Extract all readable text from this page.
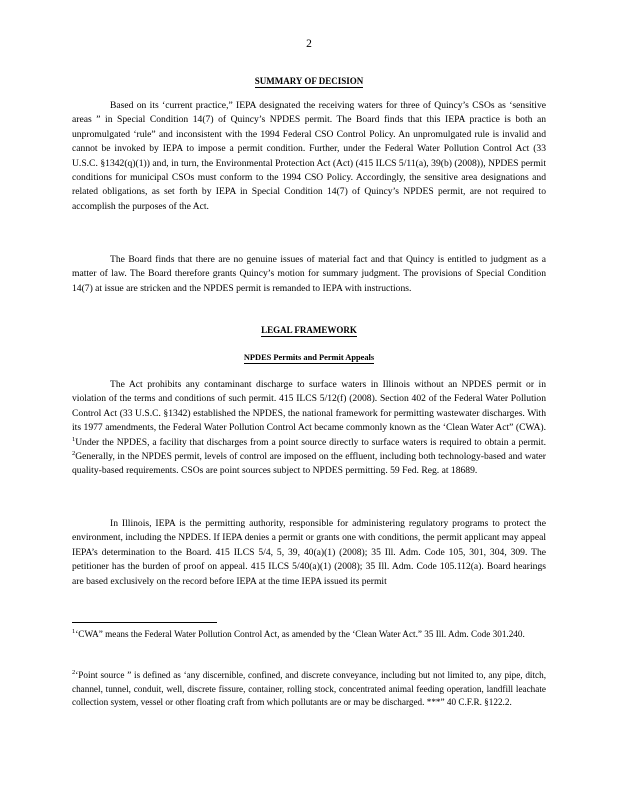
2
SUMMARY OF DECISION

Based on its ‘current practice,” IEPA designated the receiving waters for three of Quincy’s CSOs as ‘sensitive areas ” in Special Condition 14(7) of Quincy’s NPDES permit. The Board finds that this IEPA practice is both an unpromulgated ‘rule” and inconsistent with the 1994 Federal CSO Control Policy. An unpromulgated rule is invalid and cannot be invoked by IEPA to impose a permit condition. Further, under the Federal Water Pollution Control Act (33 U.S.C. §1342(q)(1)) and, in turn, the Environmental Protection Act (Act) (415 ILCS 5/11(a), 39(b) (2008)), NPDES permit conditions for municipal CSOs must conform to the 1994 CSO Policy. Accordingly, the sensitive area designations and related obligations, as set forth by IEPA in Special Condition 14(7) of Quincy’s NPDES permit, are not required to accomplish the purposes of the Act.

The Board finds that there are no genuine issues of material fact and that Quincy is entitled to judgment as a matter of law. The Board therefore grants Quincy’s motion for summary judgment. The provisions of Special Condition 14(7) at issue are stricken and the NPDES permit is remanded to IEPA with instructions.

LEGAL FRAMEWORK
NPDES Permits and Permit Appeals

The Act prohibits any contaminant discharge to surface waters in Illinois without an NPDES permit or in violation of the terms and conditions of such permit. 415 ILCS 5/12(f) (2008). Section 402 of the Federal Water Pollution Control Act (33 U.S.C. §1342) established the NPDES, the national framework for permitting wastewater discharges. With its 1977 amendments, the Federal Water Pollution Control Act became commonly known as the ‘Clean Water Act” (CWA). $^1$Under the NPDES, a facility that discharges from a point source directly to surface waters is required to obtain a permit. $^2$Generally, in the NPDES permit, levels of control are imposed on the effluent, including both technology-based and water quality-based requirements. CSOs are point sources subject to NPDES permitting. 59 Fed. Reg. at 18689.

In Illinois, IEPA is the permitting authority, responsible for administering regulatory programs to protect the environment, including the NPDES. If IEPA denies a permit or grants one with conditions, the permit applicant may appeal IEPA’s determination to the Board. 415 ILCS 5/4, 5, 39, 40(a)(1) (2008); 35 Ill. Adm. Code 105, 301, 304, 309. The petitioner has the burden of proof on appeal. 415 ILCS 5/40(a)(1) (2008); 35 Ill. Adm. Code 105.112(a). Board hearings are based exclusively on the record before IEPA at the time IEPA issued its permit

$^1$‘CWA” means the Federal Water Pollution Control Act, as amended by the ‘Clean Water Act.” 35 Ill. Adm. Code 301.240.

$^2$‘Point source ” is defined as ‘any discernible, confined, and discrete conveyance, including but not limited to, any pipe, ditch, channel, tunnel, conduit, well, discrete fissure, container, rolling stock, concentrated animal feeding operation, landfill leachate collection system, vessel or other floating craft from which pollutants are or may be discharged. ***” 40 C.F.R. §122.2.
